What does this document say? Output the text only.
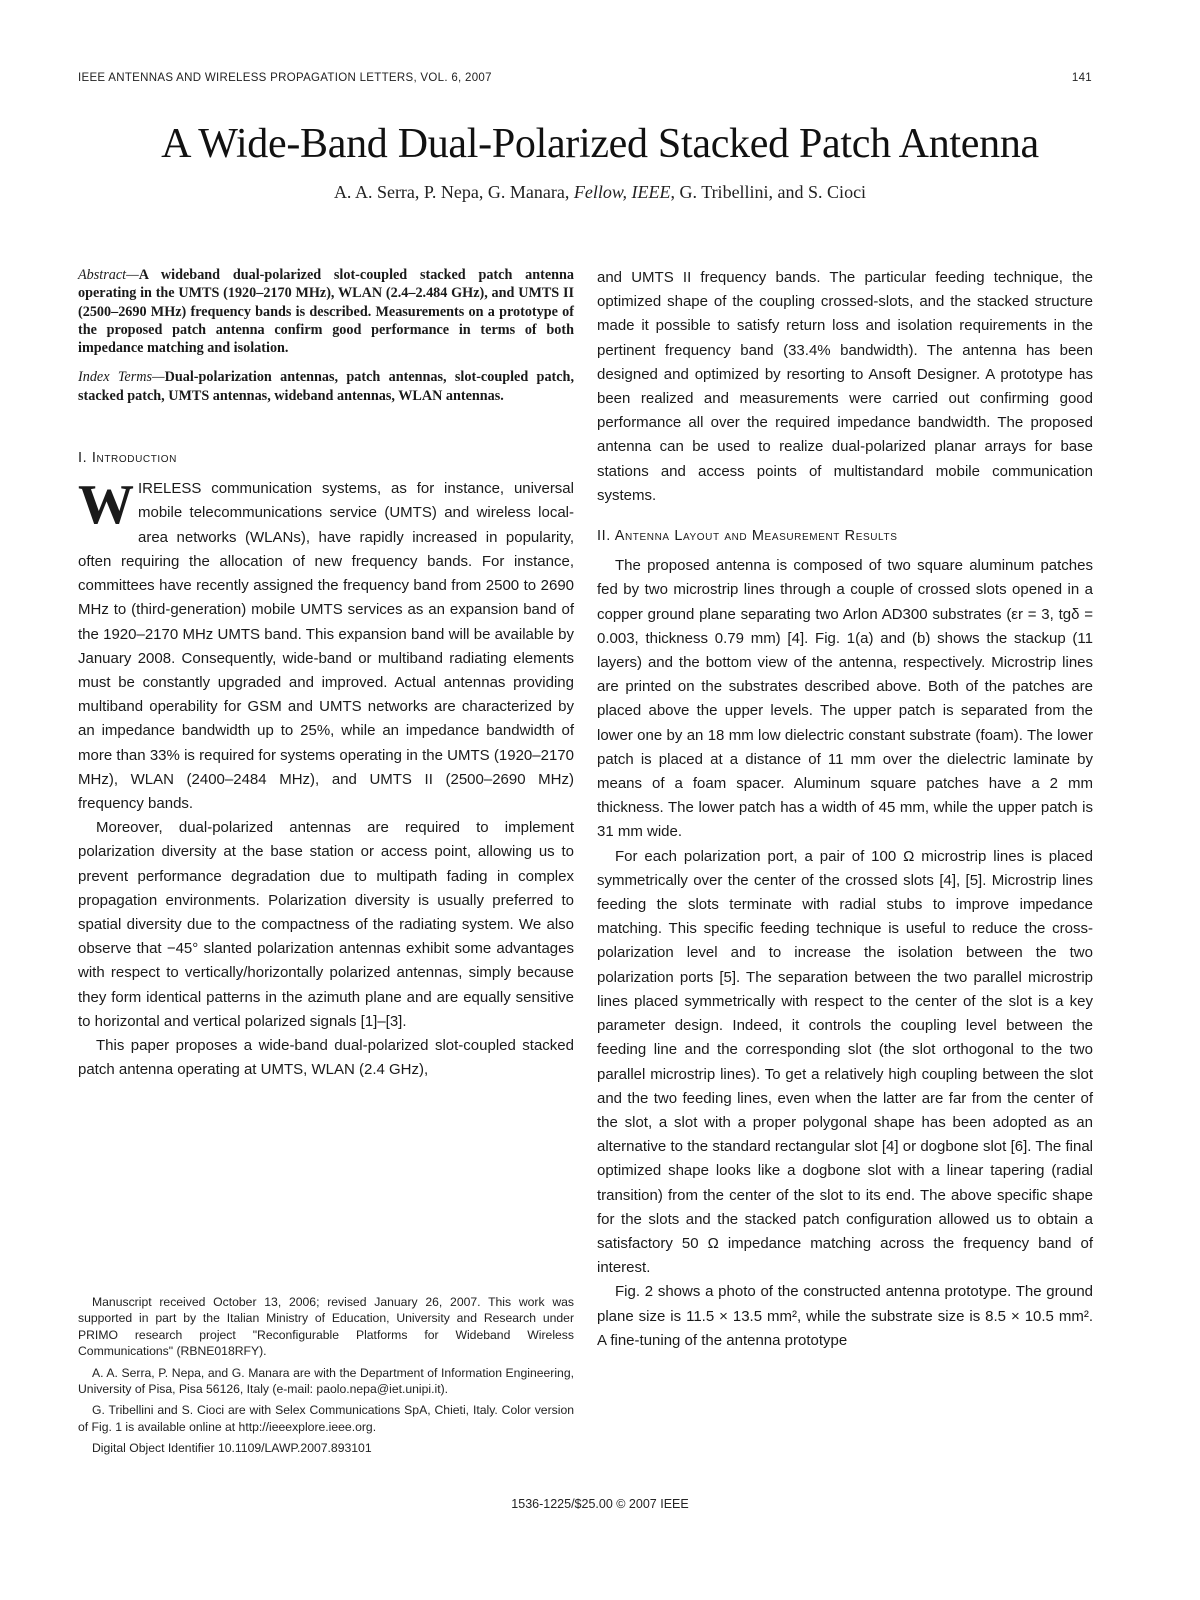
IEEE ANTENNAS AND WIRELESS PROPAGATION LETTERS, VOL. 6, 2007	141
A Wide-Band Dual-Polarized Stacked Patch Antenna
A. A. Serra, P. Nepa, G. Manara, Fellow, IEEE, G. Tribellini, and S. Cioci

Abstract—A wideband dual-polarized slot-coupled stacked patch antenna operating in the UMTS (1920–2170 MHz), WLAN (2.4–2.484 GHz), and UMTS II (2500–2690 MHz) frequency bands is described. Measurements on a prototype of the proposed patch antenna confirm good performance in terms of both impedance matching and isolation.

Index Terms—Dual-polarization antennas, patch antennas, slot-coupled patch, stacked patch, UMTS antennas, wideband antennas, WLAN antennas.

I. Introduction

WIRELESS communication systems, as for instance, universal mobile telecommunications service (UMTS) and wireless local-area networks (WLANs), have rapidly increased in popularity, often requiring the allocation of new frequency bands. For instance, committees have recently assigned the frequency band from 2500 to 2690 MHz to (third-generation) mobile UMTS services as an expansion band of the 1920–2170 MHz UMTS band. This expansion band will be available by January 2008. Consequently, wide-band or multiband radiating elements must be constantly upgraded and improved. Actual antennas providing multiband operability for GSM and UMTS networks are characterized by an impedance bandwidth up to 25%, while an impedance bandwidth of more than 33% is required for systems operating in the UMTS (1920–2170 MHz), WLAN (2400–2484 MHz), and UMTS II (2500–2690 MHz) frequency bands.

Moreover, dual-polarized antennas are required to implement polarization diversity at the base station or access point, allowing us to prevent performance degradation due to multipath fading in complex propagation environments. Polarization diversity is usually preferred to spatial diversity due to the compactness of the radiating system. We also observe that −45° slanted polarization antennas exhibit some advantages with respect to vertically/horizontally polarized antennas, simply because they form identical patterns in the azimuth plane and are equally sensitive to horizontal and vertical polarized signals [1]–[3].

This paper proposes a wide-band dual-polarized slot-coupled stacked patch antenna operating at UMTS, WLAN (2.4 GHz),

and UMTS II frequency bands. The particular feeding technique, the optimized shape of the coupling crossed-slots, and the stacked structure made it possible to satisfy return loss and isolation requirements in the pertinent frequency band (33.4% bandwidth). The antenna has been designed and optimized by resorting to Ansoft Designer. A prototype has been realized and measurements were carried out confirming good performance all over the required impedance bandwidth. The proposed antenna can be used to realize dual-polarized planar arrays for base stations and access points of multistandard mobile communication systems.

II. Antenna Layout and Measurement Results

The proposed antenna is composed of two square aluminum patches fed by two microstrip lines through a couple of crossed slots opened in a copper ground plane separating two Arlon AD300 substrates (εr = 3, tgδ = 0.003, thickness 0.79 mm) [4]. Fig. 1(a) and (b) shows the stackup (11 layers) and the bottom view of the antenna, respectively. Microstrip lines are printed on the substrates described above. Both of the patches are placed above the upper levels. The upper patch is separated from the lower one by an 18 mm low dielectric constant substrate (foam). The lower patch is placed at a distance of 11 mm over the dielectric laminate by means of a foam spacer. Aluminum square patches have a 2 mm thickness. The lower patch has a width of 45 mm, while the upper patch is 31 mm wide.

For each polarization port, a pair of 100 Ω microstrip lines is placed symmetrically over the center of the crossed slots [4], [5]. Microstrip lines feeding the slots terminate with radial stubs to improve impedance matching. This specific feeding technique is useful to reduce the cross-polarization level and to increase the isolation between the two polarization ports [5]. The separation between the two parallel microstrip lines placed symmetrically with respect to the center of the slot is a key parameter design. Indeed, it controls the coupling level between the feeding line and the corresponding slot (the slot orthogonal to the two parallel microstrip lines). To get a relatively high coupling between the slot and the two feeding lines, even when the latter are far from the center of the slot, a slot with a proper polygonal shape has been adopted as an alternative to the standard rectangular slot [4] or dogbone slot [6]. The final optimized shape looks like a dogbone slot with a linear tapering (radial transition) from the center of the slot to its end. The above specific shape for the slots and the stacked patch configuration allowed us to obtain a satisfactory 50 Ω impedance matching across the frequency band of interest.

Fig. 2 shows a photo of the constructed antenna prototype. The ground plane size is 11.5 × 13.5 mm², while the substrate size is 8.5 × 10.5 mm². A fine-tuning of the antenna prototype

Manuscript received October 13, 2006; revised January 26, 2007. This work was supported in part by the Italian Ministry of Education, University and Research under PRIMO research project "Reconfigurable Platforms for Wideband Wireless Communications" (RBNE018RFY).

A. A. Serra, P. Nepa, and G. Manara are with the Department of Information Engineering, University of Pisa, Pisa 56126, Italy (e-mail: paolo.nepa@iet.unipi.it).

G. Tribellini and S. Cioci are with Selex Communications SpA, Chieti, Italy. Color version of Fig. 1 is available online at http://ieeexplore.ieee.org.

Digital Object Identifier 10.1109/LAWP.2007.893101

1536-1225/$25.00 © 2007 IEEE
